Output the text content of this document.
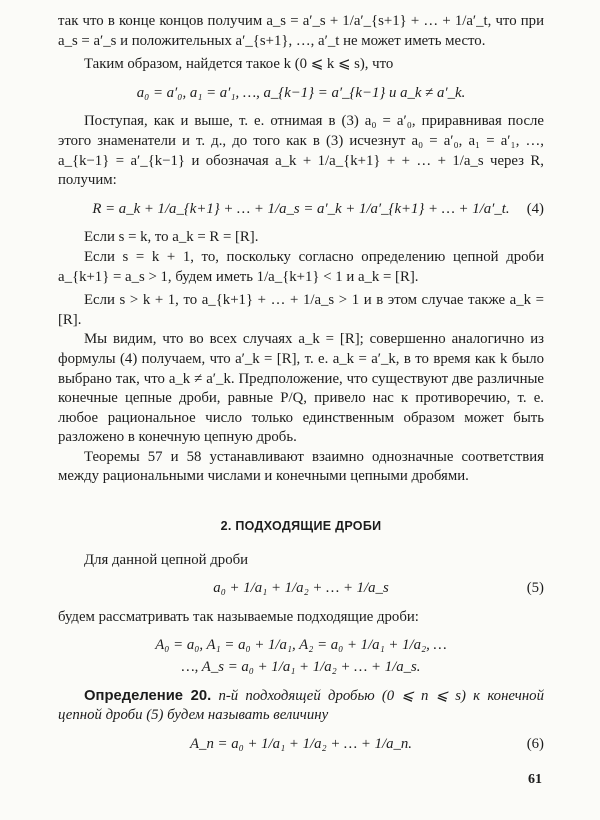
так что в конце концов получим a_s = a′_s + 1/a′_{s+1} + … + 1/a′_t, что при a_s = a′_s и положительных a′_{s+1}, …, a′_t не может иметь место.

Таким образом, найдется такое k (0 ⩽ k ⩽ s), что

a₀ = a′₀, a₁ = a′₁, …, a_{k−1} = a′_{k−1} и a_k ≠ a′_k.

Поступая, как и выше, т. е. отнимая в (3) a₀ = a′₀, приравнивая после этого знаменатели и т. д., до того как в (3) исчезнут a₀ = a′₀, a₁ = a′₁, …, a_{k−1} = a′_{k−1} и обозначая a_k + 1/a_{k+1} + + … + 1/a_s через R, получим:

R = a_k + 1/a_{k+1} + … + 1/a_s = a′_k + 1/a′_{k+1} + … + 1/a′_t. (4)

Если s = k, то a_k = R = [R].

Если s = k + 1, то, поскольку согласно определению цепной дроби a_{k+1} = a_s > 1, будем иметь 1/a_{k+1} < 1 и a_k = [R].

Если s > k + 1, то a_{k+1} + … + 1/a_s > 1 и в этом случае также a_k = [R].

Мы видим, что во всех случаях a_k = [R]; совершенно аналогично из формулы (4) получаем, что a′_k = [R], т. е. a_k = a′_k, в то время как k было выбрано так, что a_k ≠ a′_k. Предположение, что существуют две различные конечные цепные дроби, равные P/Q, привело нас к противоречию, т. е. любое рациональное число только единственным образом может быть разложено в конечную цепную дробь.

Теоремы 57 и 58 устанавливают взаимно однозначные соответствия между рациональными числами и конечными цепными дробями.

2. ПОДХОДЯЩИЕ ДРОБИ

Для данной цепной дроби

a₀ + 1/a₁ + 1/a₂ + … + 1/a_s	(5)

будем рассматривать так называемые подходящие дроби:

A₀ = a₀, A₁ = a₀ + 1/a₁, A₂ = a₀ + 1/a₁ + 1/a₂, …
…, A_s = a₀ + 1/a₁ + 1/a₂ + … + 1/a_s.

Определение 20. n-й подходящей дробью (0 ⩽ n ⩽ s) к конечной цепной дроби (5) будем называть величину

A_n = a₀ + 1/a₁ + 1/a₂ + … + 1/a_n.	(6)
61
